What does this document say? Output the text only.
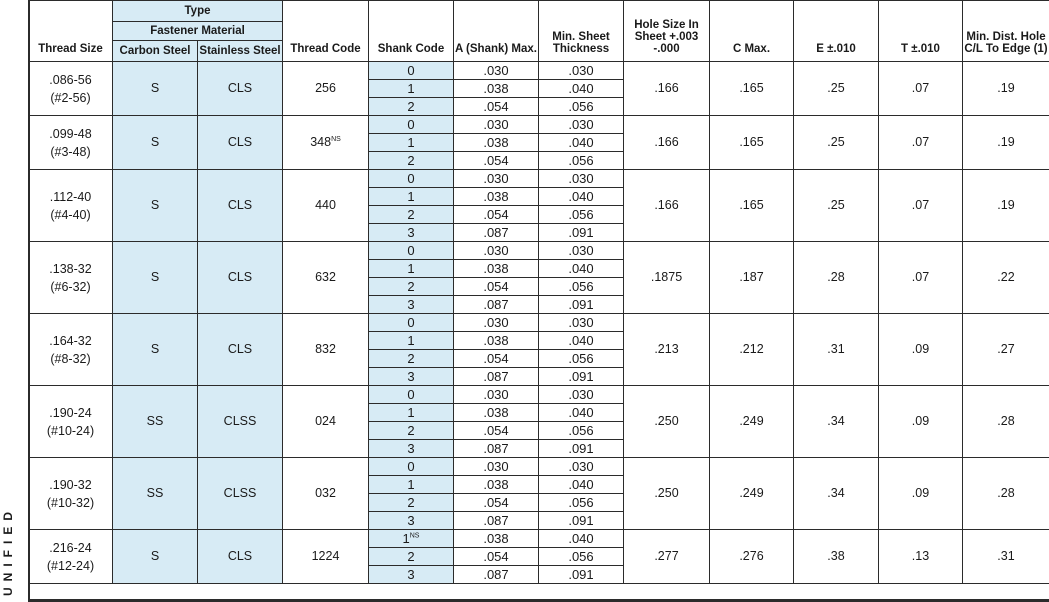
UNIFIED
Thread Size	Type		Thread Code	Shank Code	A (Shank) Max.	Min. Sheet Thickness	Hole Size In Sheet +.003 -.000	C Max.	E ±.010	T ±.010	Min. Dist. Hole C/L To Edge (1)
	Fastener Material										
	Carbon Steel	Stainless Steel									

.086-56
(#2-56)	S	CLS	256	0	.030	.030	.166	.165	.25	.07	.19
				1	.038	.040					
				2	.054	.056					

.099-48
(#3-48)	S	CLS	$348^{NS}$	0	.030	.030	.166	.165	.25	.07	.19
				1	.038	.040					
				2	.054	.056					

.112-40
(#4-40)	S	CLS	440	0	.030	.030	.166	.165	.25	.07	.19
				1	.038	.040					
				2	.054	.056					
				3	.087	.091					

.138-32
(#6-32)	S	CLS	632	0	.030	.030	.1875	.187	.28	.07	.22
				1	.038	.040					
				2	.054	.056					
				3	.087	.091					

.164-32
(#8-32)	S	CLS	832	0	.030	.030	.213	.212	.31	.09	.27
				1	.038	.040					
				2	.054	.056					
				3	.087	.091					

.190-24
(#10-24)	SS	CLSS	024	0	.030	.030	.250	.249	.34	.09	.28
				1	.038	.040					
				2	.054	.056					
				3	.087	.091					

.190-32
(#10-32)	SS	CLSS	032	0	.030	.030	.250	.249	.34	.09	.28
				1	.038	.040					
				2	.054	.056					
				3	.087	.091					

.216-24
(#12-24)	S	CLS	1224	$1^{NS}$	.038	.040	.277	.276	.38	.13	.31
				2	.054	.056					
				3	.087	.091					
